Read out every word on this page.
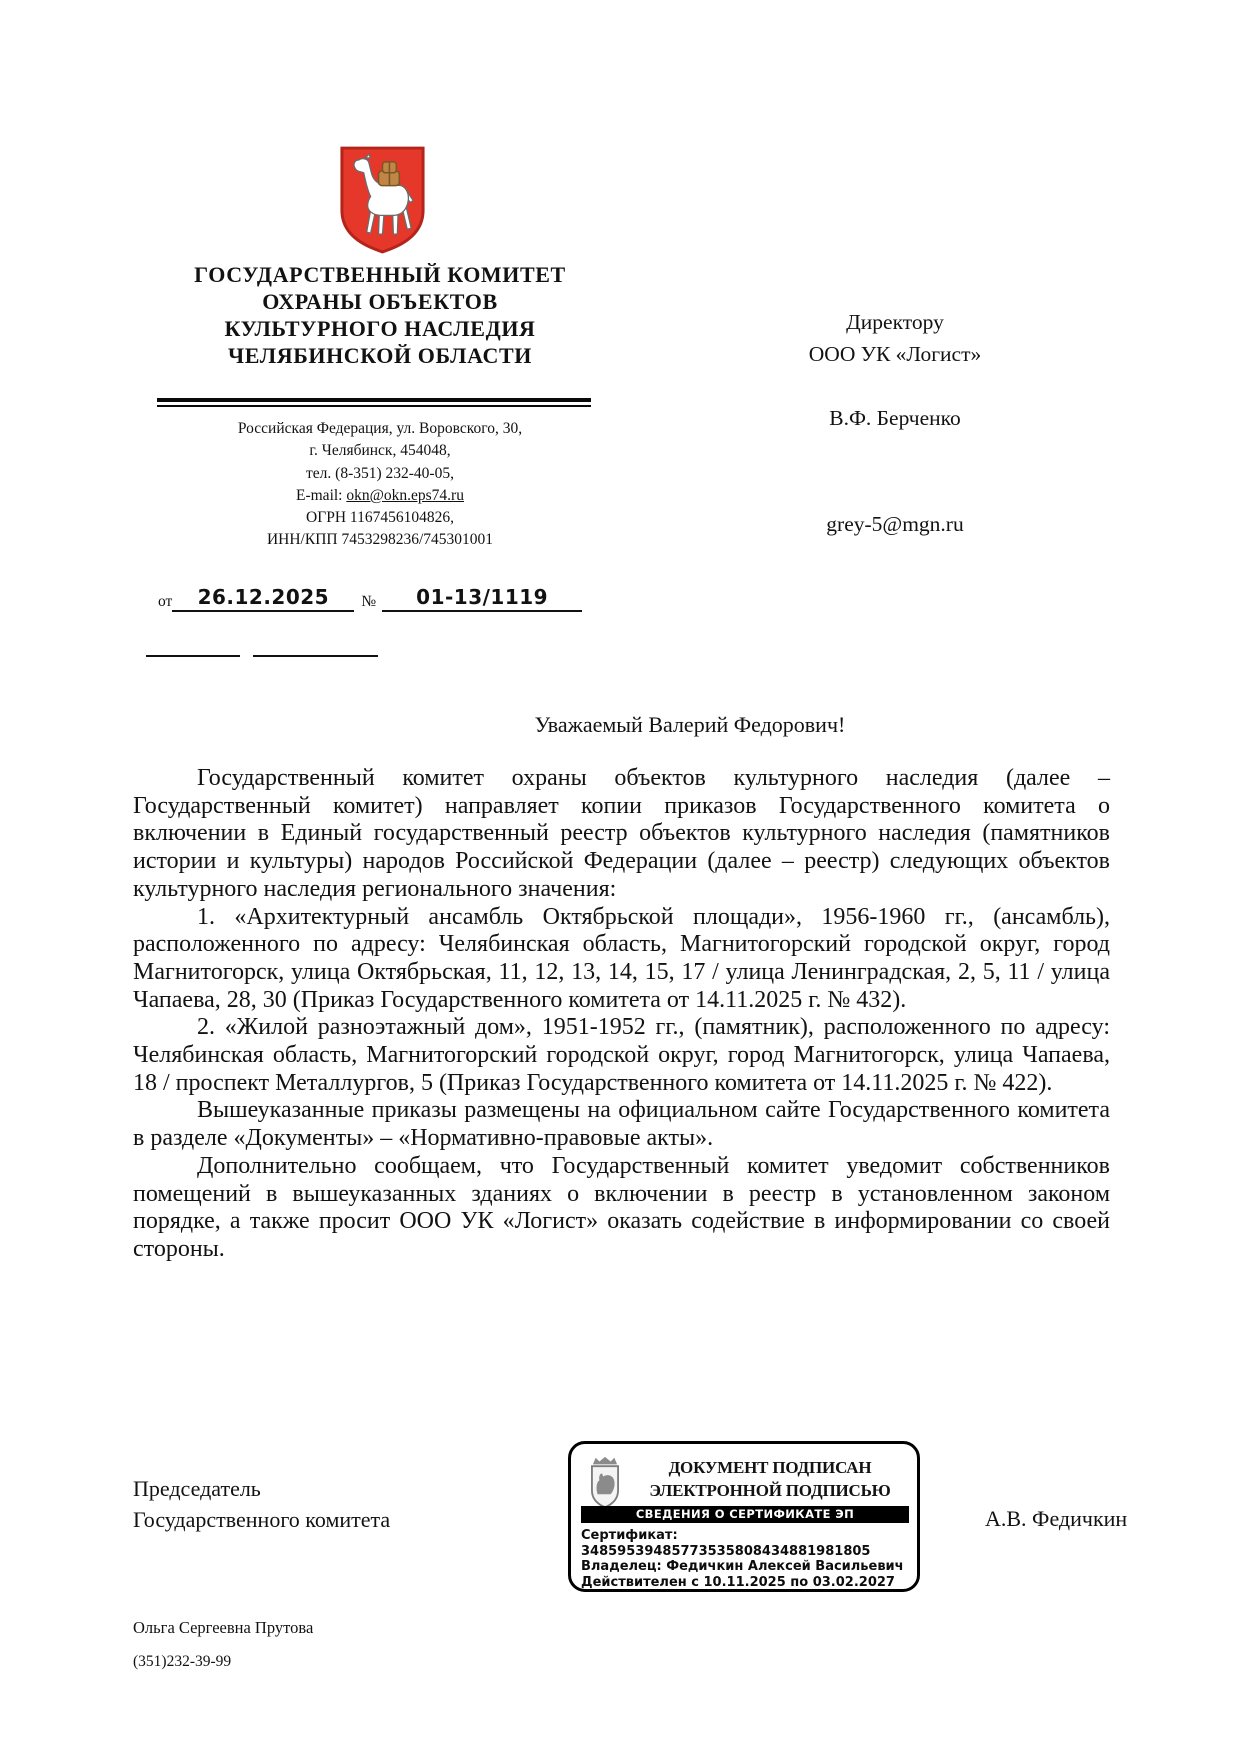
ГОСУДАРСТВЕННЫЙ КОМИТЕТ
ОХРАНЫ ОБЪЕКТОВ
КУЛЬТУРНОГО НАСЛЕДИЯ
ЧЕЛЯБИНСКОЙ ОБЛАСТИ
Российская Федерация, ул. Воровского, 30,
г. Челябинск, 454048,
тел. (8-351) 232-40-05,
E-mail: okn@okn.eps74.ru
ОГРН 1167456104826,
ИНН/КПП 7453298236/745301001
от	26.12.2025	№	01-13/1119
Директору
ООО УК «Логист»
В.Ф. Берченко
grey-5@mgn.ru
Уважаемый Валерий Федорович!

Государственный комитет охраны объектов культурного наследия (далее – Государственный комитет) направляет копии приказов Государственного комитета о включении в Единый государственный реестр объектов культурного наследия (памятников истории и культуры) народов Российской Федерации (далее – реестр) следующих объектов культурного наследия регионального значения:

1. «Архитектурный ансамбль Октябрьской площади», 1956-1960 гг., (ансамбль), расположенного по адресу: Челябинская область, Магнитогорский городской округ, город Магнитогорск, улица Октябрьская, 11, 12, 13, 14, 15, 17 / улица Ленинградская, 2, 5, 11 / улица Чапаева, 28, 30 (Приказ Государственного комитета от 14.11.2025 г. № 432).

2. «Жилой разноэтажный дом», 1951-1952 гг., (памятник), расположенного по адресу: Челябинская область, Магнитогорский городской округ, город Магнитогорск, улица Чапаева, 18 / проспект Металлургов, 5 (Приказ Государственного комитета от 14.11.2025 г. № 422).

Вышеуказанные приказы размещены на официальном сайте Государственного комитета в разделе «Документы» – «Нормативно-правовые акты».

Дополнительно сообщаем, что Государственный комитет уведомит собственников помещений в вышеуказанных зданиях о включении в реестр в установленном законом порядке, а также просит ООО УК «Логист» оказать содействие в информировании со своей стороны.

Председатель
Государственного комитета	А.В. Федичкин
ДОКУМЕНТ ПОДПИСАН
ЭЛЕКТРОННОЙ ПОДПИСЬЮ
СВЕДЕНИЯ О СЕРТИФИКАТЕ ЭП

Сертификат: 34859539485773535808434881981805

Владелец: Федичкин Алексей Васильевич

Действителен с 10.11.2025 по 03.02.2027

Ольга Сергеевна Прутова
(351)232-39-99
